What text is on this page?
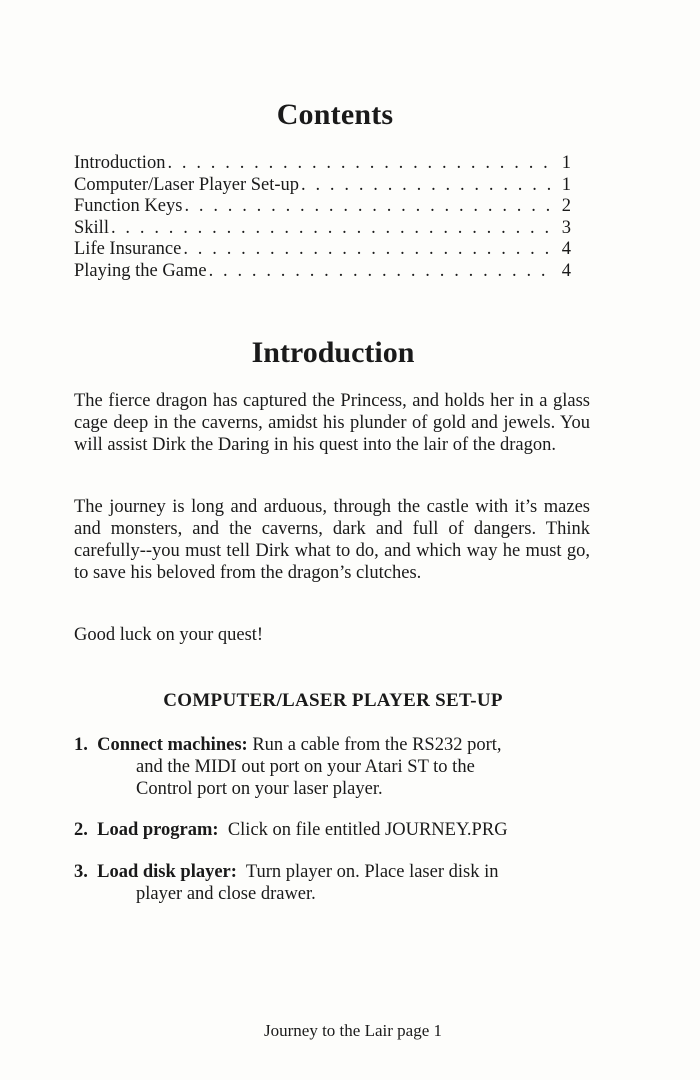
Contents
Introduction . . .	1
Computer/Laser Player Set-up . . .	1
Function Keys . . .	2
Skill . . .	3
Life Insurance . . .	4
Playing the Game . . .	4
Introduction

The fierce dragon has captured the Princess, and holds her in a glass cage deep in the caverns, amidst his plunder of gold and jewels. You will assist Dirk the Daring in his quest into the lair of the dragon.

The journey is long and arduous, through the castle with it’s mazes and monsters, and the caverns, dark and full of dangers. Think carefully--you must tell Dirk what to do, and which way he must go, to save his beloved from the dragon’s clutches.

Good luck on your quest!

COMPUTER/LASER PLAYER SET-UP
1. Connect machines: Run a cable from the RS232 port,
and the MIDI out port on your Atari ST to the
Control port on your laser player.
2. Load program: Click on file entitled JOURNEY.PRG
3. Load disk player: Turn player on. Place laser disk in
player and close drawer.
Journey to the Lair page 1
